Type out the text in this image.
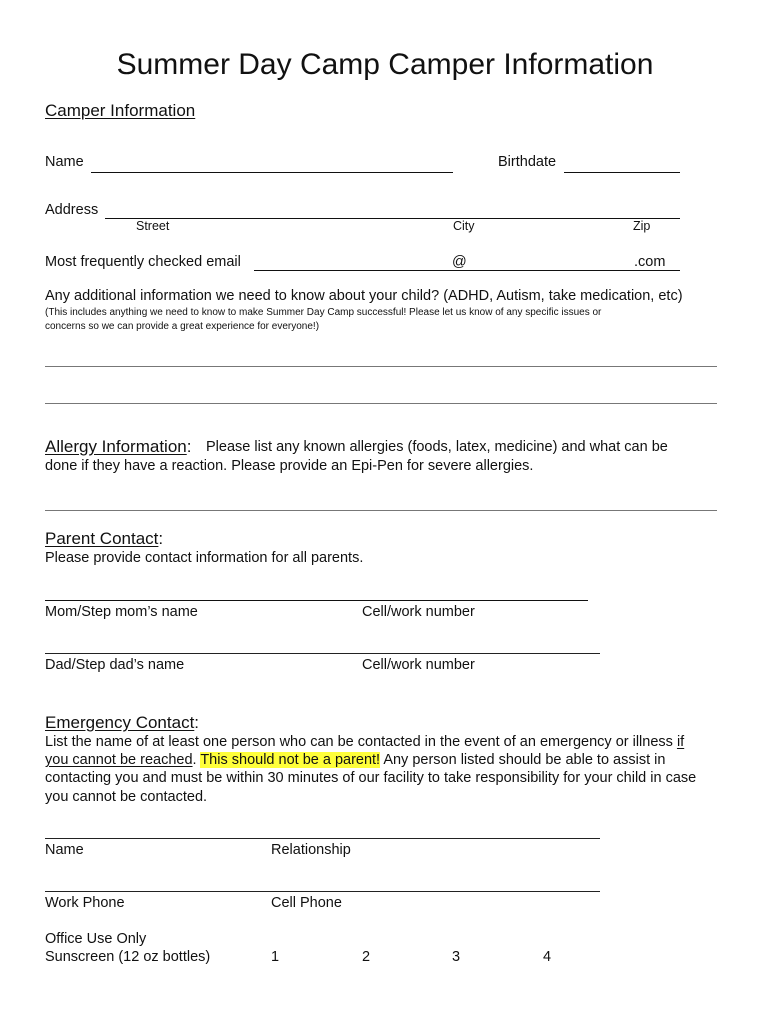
Summer Day Camp Camper Information
Camper Information
Name	Birthdate
Address
Street	City	Zip
Most frequently checked email	@	.com
Any additional information we need to know about your child? (ADHD, Autism, take medication, etc)
(This includes anything we need to know to make Summer Day Camp successful! Please let us know of any specific issues or
concerns so we can provide a great experience for everyone!)
Allergy Information: Please list any known allergies (foods, latex, medicine) and what can be
done if they have a reaction. Please provide an Epi-Pen for severe allergies.
Parent Contact:
Please provide contact information for all parents.
Mom/Step mom’s name	Cell/work number
Dad/Step dad’s name	Cell/work number
Emergency Contact:
List the name of at least one person who can be contacted in the event of an emergency or illness if
you cannot be reached. This should not be a parent! Any person listed should be able to assist in
contacting you and must be within 30 minutes of our facility to take responsibility for your child in case
you cannot be contacted.
Name	Relationship
Work Phone	Cell Phone
Office Use Only
Sunscreen (12 oz bottles)	1	2	3	4
